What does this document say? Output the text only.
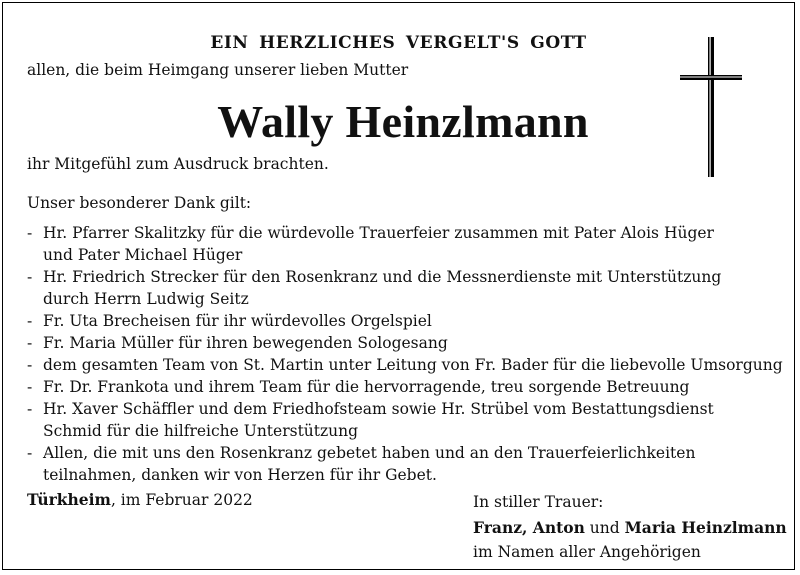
EIN HERZLICHES VERGELT'S GOTT
allen, die beim Heimgang unserer lieben Mutter
Wally Heinzlmann
ihr Mitgefühl zum Ausdruck brachten.
Unser besonderer Dank gilt:
- Hr. Pfarrer Skalitzky für die würdevolle Trauerfeier zusammen mit Pater Alois Hüger
und Pater Michael Hüger
- Hr. Friedrich Strecker für den Rosenkranz und die Messnerdienste mit Unterstützung
durch Herrn Ludwig Seitz
- Fr. Uta Brecheisen für ihr würdevolles Orgelspiel
- Fr. Maria Müller für ihren bewegenden Sologesang
- dem gesamten Team von St. Martin unter Leitung von Fr. Bader für die liebevolle Umsorgung
- Fr. Dr. Frankota und ihrem Team für die hervorragende, treu sorgende Betreuung
- Hr. Xaver Schäffler und dem Friedhofsteam sowie Hr. Strübel vom Bestattungsdienst
Schmid für die hilfreiche Unterstützung
- Allen, die mit uns den Rosenkranz gebetet haben und an den Trauerfeierlichkeiten
teilnahmen, danken wir von Herzen für ihr Gebet.
Türkheim, im Februar 2022	In stiller Trauer:
Franz, Anton und Maria Heinzlmann
im Namen aller Angehörigen
